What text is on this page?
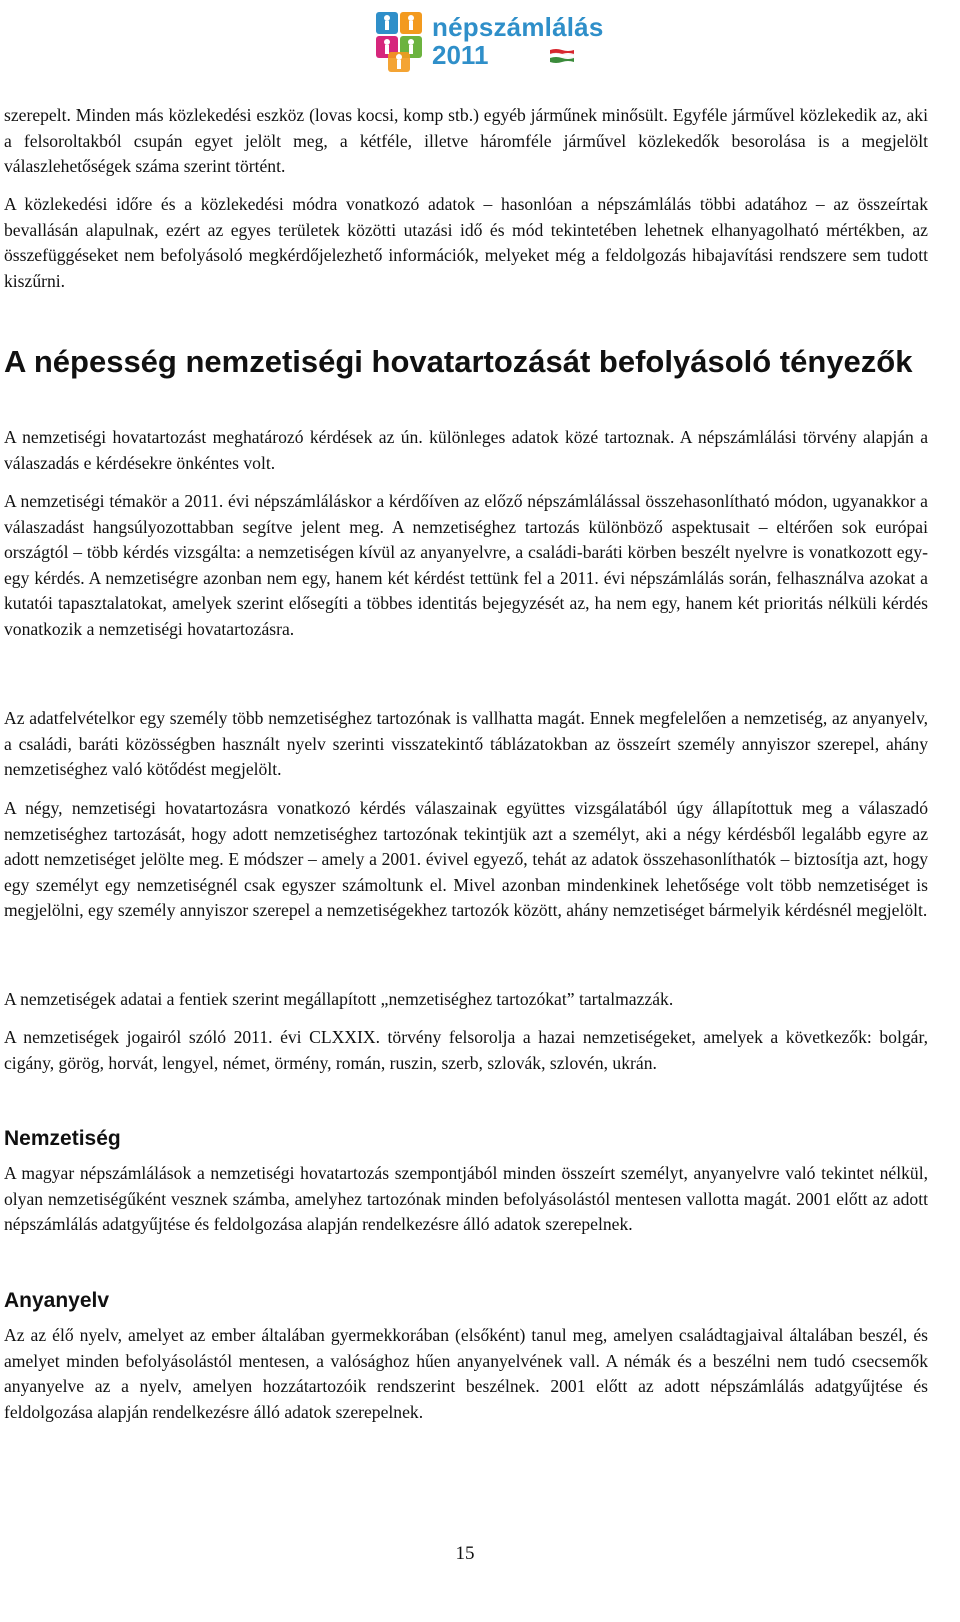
népszámlálás
2011

szerepelt. Minden más közlekedési eszköz (lovas kocsi, komp stb.) egyéb járműnek minősült. Egyféle járművel közlekedik az, aki a felsoroltakból csupán egyet jelölt meg, a kétféle, illetve háromféle járművel közlekedők besorolása is a megjelölt válaszlehetőségek száma szerint történt.

A közlekedési időre és a közlekedési módra vonatkozó adatok – hasonlóan a népszámlálás többi adatához – az összeírtak bevallásán alapulnak, ezért az egyes területek közötti utazási idő és mód tekintetében lehetnek elhanyagolható mértékben, az összefüggéseket nem befolyásoló megkérdőjelezhető információk, melyeket még a feldolgozás hibajavítási rendszere sem tudott kiszűrni.

A népesség nemzetiségi hovatartozását befolyásoló tényezők

A nemzetiségi hovatartozást meghatározó kérdések az ún. különleges adatok közé tartoznak. A népszámlálási törvény alapján a válaszadás e kérdésekre önkéntes volt.

A nemzetiségi témakör a 2011. évi népszámláláskor a kérdőíven az előző népszámlálással összehasonlítható módon, ugyanakkor a válaszadást hangsúlyozottabban segítve jelent meg. A nemzetiséghez tartozás különböző aspektusait – eltérően sok európai országtól – több kérdés vizsgálta: a nemzetiségen kívül az anyanyelvre, a családi-baráti körben beszélt nyelvre is vonatkozott egy-egy kérdés. A nemzetiségre azonban nem egy, hanem két kérdést tettünk fel a 2011. évi népszámlálás során, felhasználva azokat a kutatói tapasztalatokat, amelyek szerint elősegíti a többes identitás bejegyzését az, ha nem egy, hanem két prioritás nélküli kérdés vonatkozik a nemzetiségi hovatartozásra.

Az adatfelvételkor egy személy több nemzetiséghez tartozónak is vallhatta magát. Ennek megfelelően a nemzetiség, az anyanyelv, a családi, baráti közösségben használt nyelv szerinti visszatekintő táblázatokban az összeírt személy annyiszor szerepel, ahány nemzetiséghez való kötődést megjelölt.

A négy, nemzetiségi hovatartozásra vonatkozó kérdés válaszainak együttes vizsgálatából úgy állapítottuk meg a válaszadó nemzetiséghez tartozását, hogy adott nemzetiséghez tartozónak tekintjük azt a személyt, aki a négy kérdésből legalább egyre az adott nemzetiséget jelölte meg. E módszer – amely a 2001. évivel egyező, tehát az adatok összehasonlíthatók – biztosítja azt, hogy egy személyt egy nemzetiségnél csak egyszer számoltunk el. Mivel azonban mindenkinek lehetősége volt több nemzetiséget is megjelölni, egy személy annyiszor szerepel a nemzetiségekhez tartozók között, ahány nemzetiséget bármelyik kérdésnél megjelölt.

A nemzetiségek adatai a fentiek szerint megállapított „nemzetiséghez tartozókat” tartalmazzák.

A nemzetiségek jogairól szóló 2011. évi CLXXIX. törvény felsorolja a hazai nemzetiségeket, amelyek a következők: bolgár, cigány, görög, horvát, lengyel, német, örmény, román, ruszin, szerb, szlovák, szlovén, ukrán.

Nemzetiség

A magyar népszámlálások a nemzetiségi hovatartozás szempontjából minden összeírt személyt, anyanyelvre való tekintet nélkül, olyan nemzetiségűként vesznek számba, amelyhez tartozónak minden befolyásolástól mentesen vallotta magát. 2001 előtt az adott népszámlálás adatgyűjtése és feldolgozása alapján rendelkezésre álló adatok szerepelnek.

Anyanyelv

Az az élő nyelv, amelyet az ember általában gyermekkorában (elsőként) tanul meg, amelyen családtagjaival általában beszél, és amelyet minden befolyásolástól mentesen, a valósághoz hűen anyanyelvének vall. A némák és a beszélni nem tudó csecsemők anyanyelve az a nyelv, amelyen hozzátartozóik rendszerint beszélnek. 2001 előtt az adott népszámlálás adatgyűjtése és feldolgozása alapján rendelkezésre álló adatok szerepelnek.

15
